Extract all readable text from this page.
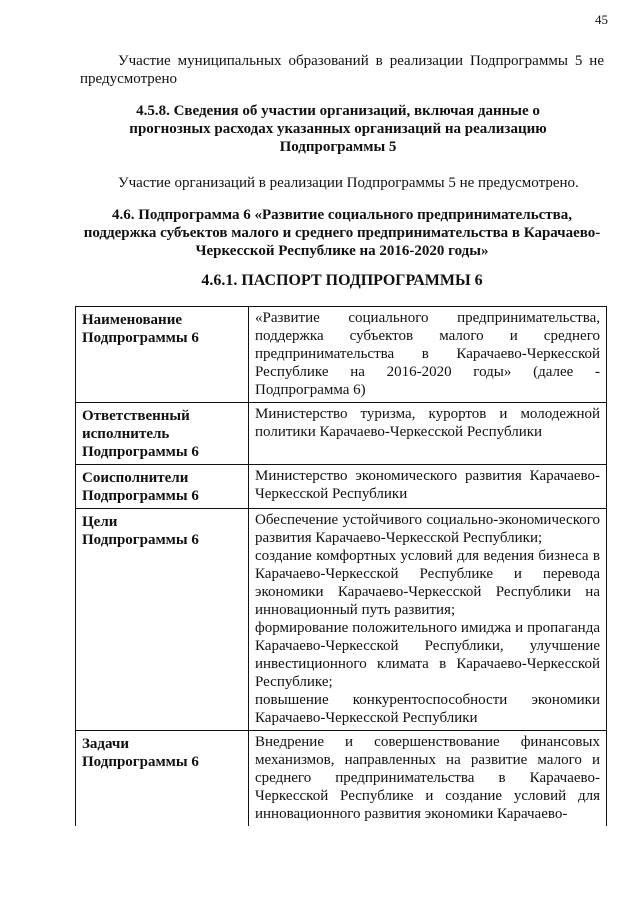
45

Участие муниципальных образований в реализации Подпрограммы 5 не предусмотрено

4.5.8. Сведения об участии организаций, включая данные о прогнозных расходах указанных организаций на реализацию Подпрограммы 5

Участие организаций в реализации Подпрограммы 5 не предусмотрено.

4.6. Подпрограмма 6 «Развитие социального предпринимательства, поддержка субъектов малого и среднего предпринимательства в Карачаево-Черкесской Республике на 2016-2020 годы»

4.6.1. ПАСПОРТ ПОДПРОГРАММЫ 6

Наименование
Подпрограммы 6	«Развитие социального предпринимательства, поддержка субъектов малого и среднего предпринимательства в Карачаево-Черкесской Республике на 2016-2020 годы» (далее - Подпрограмма 6)

Ответственный
исполнитель
Подпрограммы 6	Министерство туризма, курортов и молодежной политики Карачаево-Черкесской Республики

Соисполнители
Подпрограммы 6	Министерство экономического развития Карачаево-Черкесской Республики

Цели
Подпрограммы 6	Обеспечение устойчивого социально-экономического развития Карачаево-Черкесской Республики;
создание комфортных условий для ведения бизнеса в Карачаево-Черкесской Республике и перевода экономики Карачаево-Черкесской Республики на инновационный путь развития;
формирование положительного имиджа и пропаганда Карачаево-Черкесской Республики, улучшение инвестиционного климата в Карачаево-Черкесской Республике;
повышение конкурентоспособности экономики Карачаево-Черкесской Республики

Задачи
Подпрограммы 6	Внедрение и совершенствование финансовых механизмов, направленных на развитие малого и среднего предпринимательства в Карачаево-Черкесской Республике и создание условий для инновационного развития экономики Карачаево-
